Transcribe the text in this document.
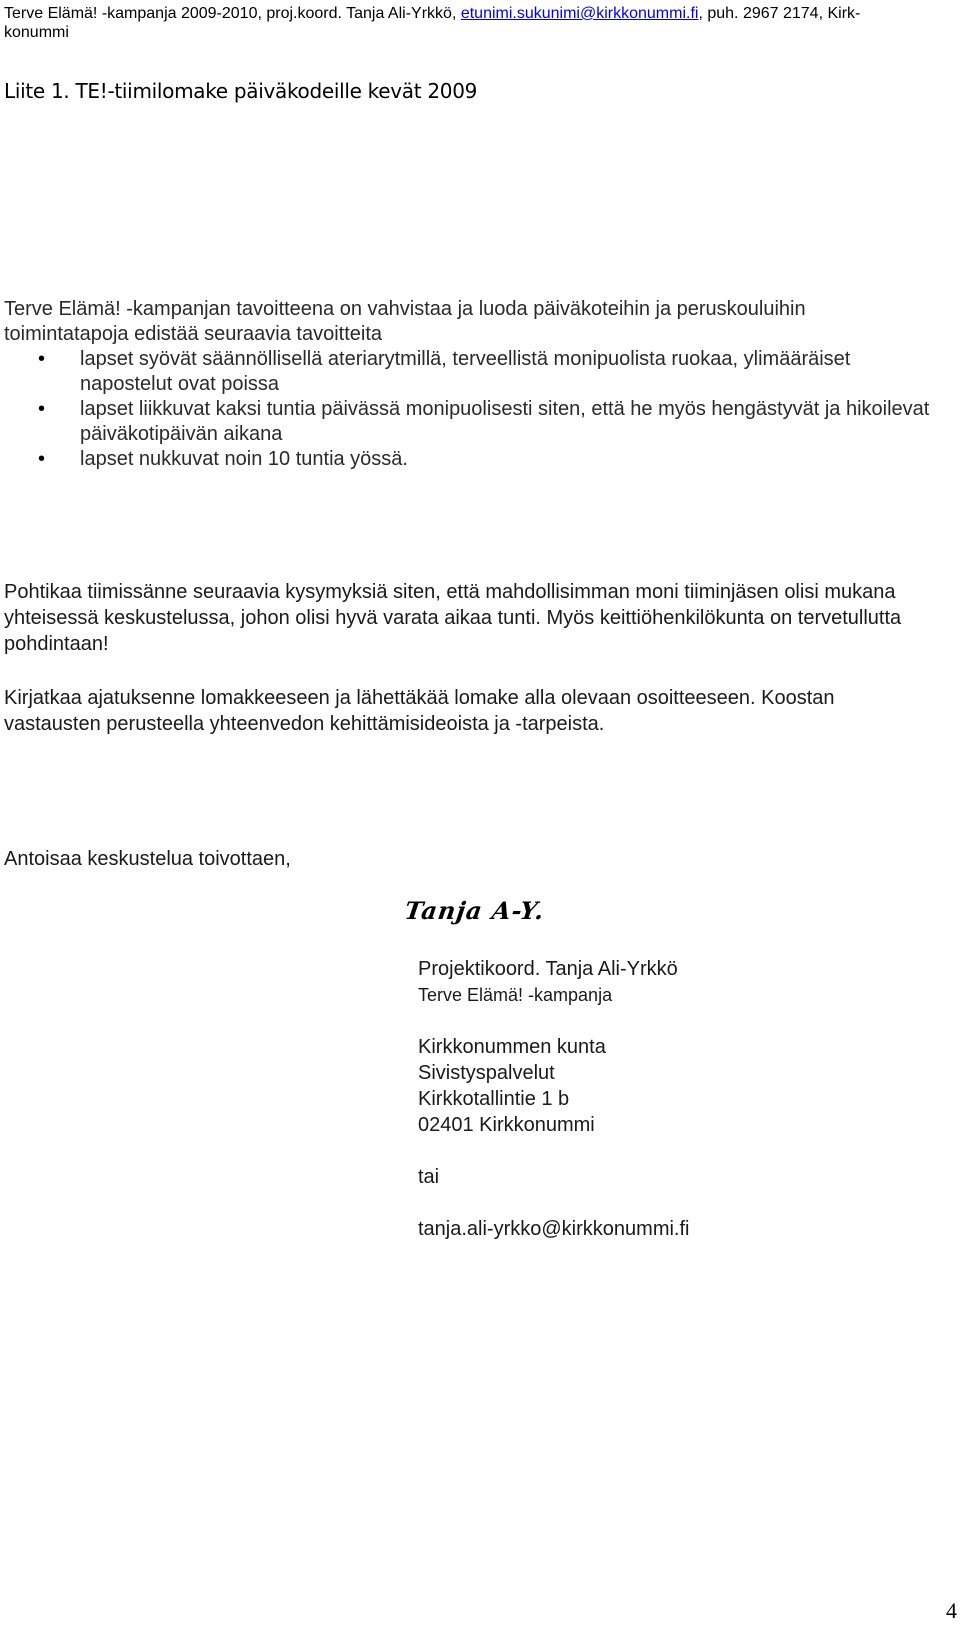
Terve Elämä! -kampanja 2009-2010, proj.koord. Tanja Ali-Yrkkö, etunimi.sukunimi@kirkkonummi.fi, puh. 2967 2174, Kirk-konummi
Liite 1. TE!-tiimilomake päiväkodeille kevät 2009

Terve Elämä! -kampanjan tavoitteena on vahvistaa ja luoda päiväkoteihin ja peruskouluihin toimintatapoja edistää seuraavia tavoitteita

• lapset syövät säännöllisellä ateriarytmillä, terveellistä monipuolista ruokaa, ylimääräiset napostelut ovat poissa
• lapset liikkuvat kaksi tuntia päivässä monipuolisesti siten, että he myös hengästyvät ja hikoilevat päiväkotipäivän aikana
• lapset nukkuvat noin 10 tuntia yössä.

Pohtikaa tiimissänne seuraavia kysymyksiä siten, että mahdollisimman moni tiiminjäsen olisi mukana yhteisessä keskustelussa, johon olisi hyvä varata aikaa tunti. Myös keittiöhenkilökunta on tervetullutta pohdintaan!

Kirjatkaa ajatuksenne lomakkeeseen ja lähettäkää lomake alla olevaan osoitteeseen. Koostan vastausten perusteella yhteenvedon kehittämisideoista ja -tarpeista.

Antoisaa keskustelua toivottaen,
Tanja A-Y.
Projektikoord. Tanja Ali-Yrkkö
Terve Elämä! -kampanja
Kirkkonummen kunta
Sivistyspalvelut
Kirkkotallintie 1 b
02401 Kirkkonummi
tai
tanja.ali-yrkko@kirkkonummi.fi
4
